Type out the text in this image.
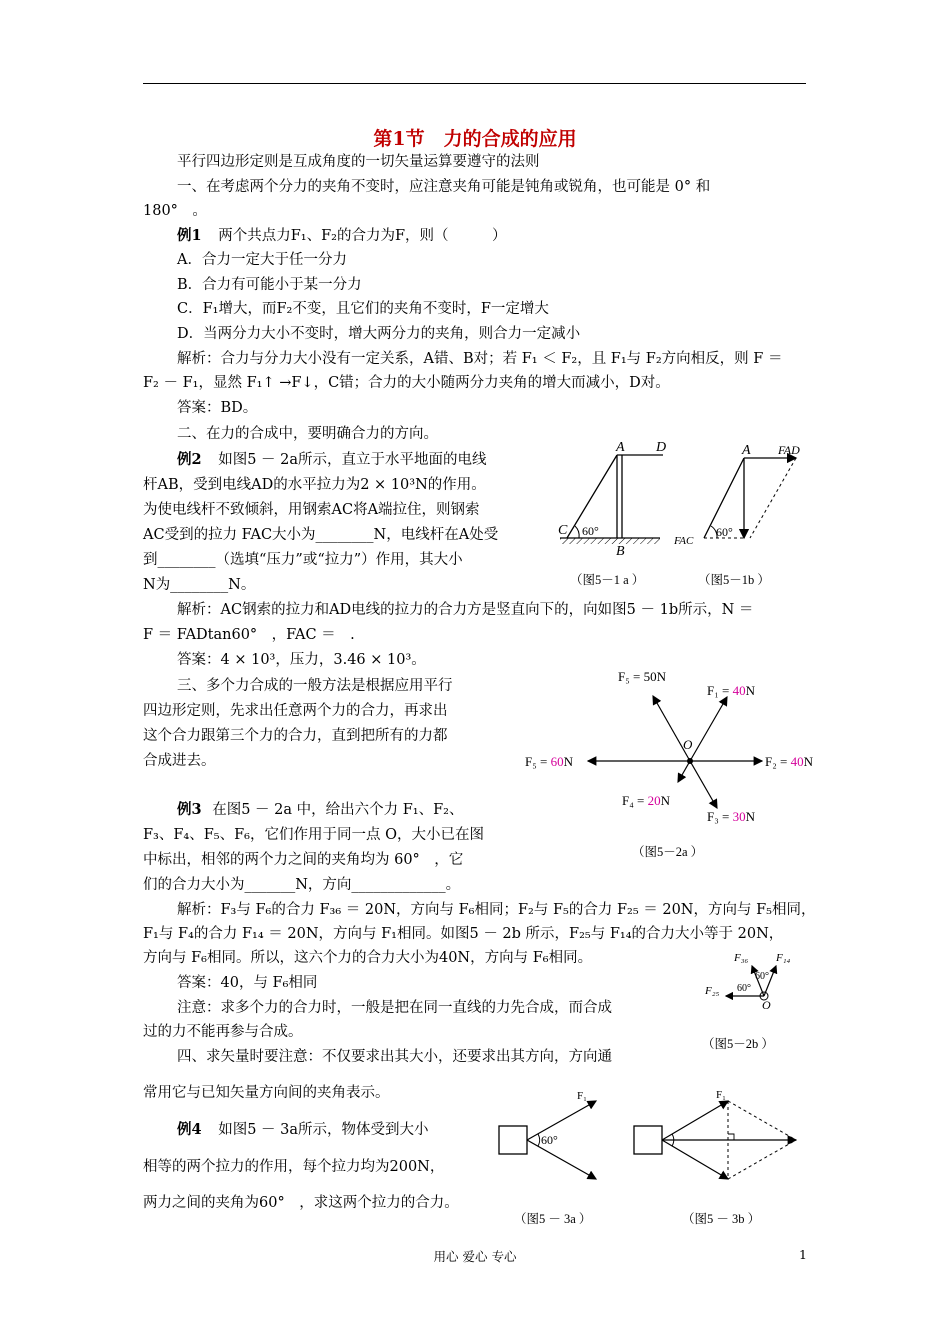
第1节　力的合成的应用
平行四边形定则是互成角度的一切矢量运算要遵守的法则
一、在考虑两个分力的夹角不变时，应注意夹角可能是钝角或锐角，也可能是 0° 和
180°　。
例1 两个共点力F₁、F₂的合力为F，则（　　　）
A．合力一定大于任一分力
B．合力有可能小于某一分力
C．F₁增大，而F₂不变，且它们的夹角不变时，F一定增大
D．当两分力大小不变时，增大两分力的夹角，则合力一定减小
解析：合力与分力大小没有一定关系，A错、B对；若 F₁ ＜ F₂，且 F₁与 F₂方向相反，则 F ＝
F₂ － F₁，显然 F₁↑ →F↓，C错；合力的大小随两分力夹角的增大而减小，D对。
答案：BD。
二、在力的合成中，要明确合力的方向。
例2 如图5 － 2a所示，直立于水平地面的电线
杆AB，受到电线AD的水平拉力为2 × 10³N的作用。
为使电线杆不致倾斜，用钢索AC将A端拉住，则钢索
AC受到的拉力 FAC大小为________N，电线杆在A处受
到________（选填“压力”或“拉力”）作用，其大小
N为________N。
A D
C 60°
B
（图5－1 a ）
A FAD
FAC
60°
（图5－1b ）
解析：AC钢索的拉力和AD电线的拉力的合力方是竖直向下的，向如图5 － 1b所示，N ＝
F ＝ FADtan60°　，FAC ＝　.
答案：4 × 10³，压力，3.46 × 10³。
三、多个力合成的一般方法是根据应用平行
四边形定则，先求出任意两个力的合力，再求出
这个合力跟第三个力的合力，直到把所有的力都
合成进去。
O
F₅ = 50N
F₁ = 40N
F₂ = 40N
F₅ = 60N
F₄ = 20N
F₃ = 30N
（图5－2a ）
例3 在图5 － 2a 中，给出六个力 F₁、F₂、
F₃、F₄、F₅、F₆，它们作用于同一点 O，大小已在图
中标出，相邻的两个力之间的夹角均为 60°　，它
们的合力大小为_______N，方向_____________。
解析：F₃与 F₆的合力 F₃₆ ＝ 20N，方向与 F₆相同；F₂与 F₅的合力 F₂₅ ＝ 20N，方向与 F₅相同，
F₁与 F₄的合力 F₁₄ ＝ 20N，方向与 F₁相同。如图5 － 2b 所示，F₂₅与 F₁₄的合力大小等于 20N，
方向与 F₆相同。所以，这六个力的合力大小为40N，方向与 F₆相同。
答案：40，与 F₆相同
注意：求多个力的合力时，一般是把在同一直线的力先合成，而合成
过的力不能再参与合成。
F₃₆	F₁₄
F₂₅
60°
60°
O
（图5－2b ）
四、求矢量时要注意：不仅要求出其大小，还要求出其方向，方向通
常用它与已知矢量方向间的夹角表示。
例4 如图5 － 3a所示，物体受到大小
相等的两个拉力的作用，每个拉力均为200N，
两力之间的夹角为60°　，求这两个拉力的合力。
F₁
60°
（图5 － 3a ）
F₁
（图5 － 3b ）
用心 爱心 专心	1
